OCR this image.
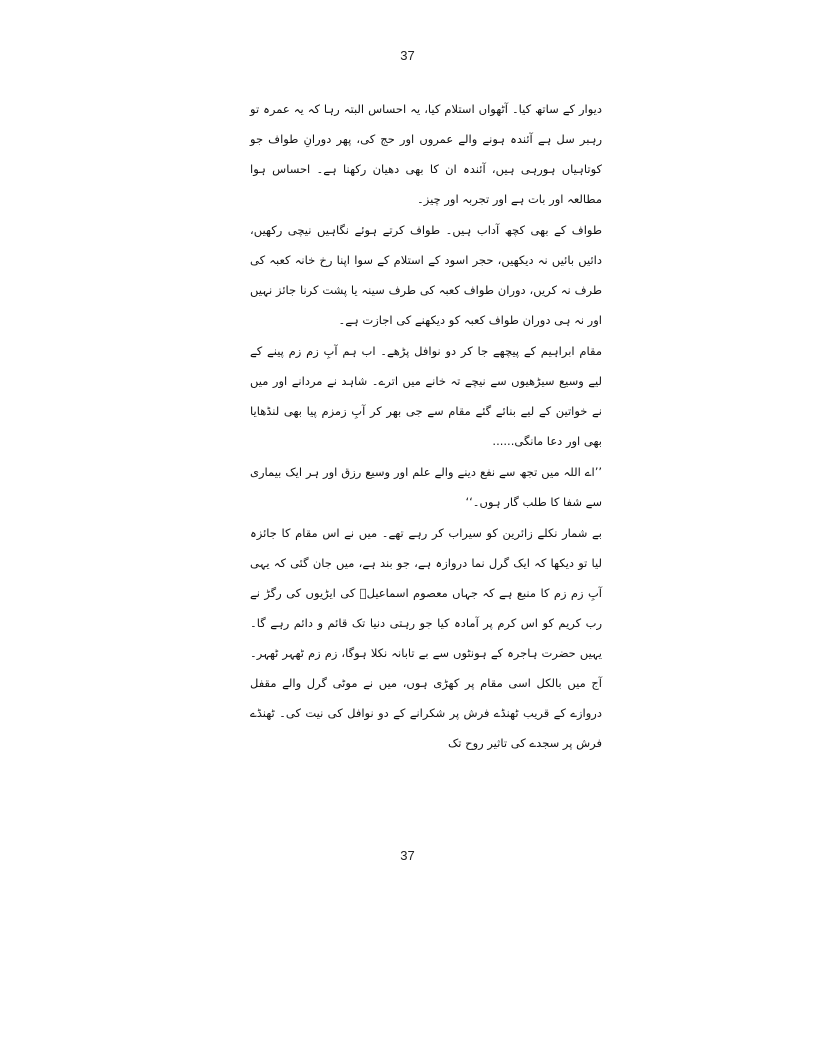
37

دیوار کے ساتھ کیا۔ آٹھواں استلام کیا، یہ احساس البتہ رہا کہ یہ عمرہ تو رہبر سل ہے آئندہ ہونے والے عمروں اور حج کی، پھر دورانِ طواف جو کوتاہیاں ہورہی ہیں، آئندہ ان کا بھی دھیان رکھنا ہے۔ احساس ہوا مطالعہ اور بات ہے اور تجربہ اور چیز۔

طواف کے بھی کچھ آداب ہیں۔ طواف کرتے ہوئے نگاہیں نیچی رکھیں، دائیں بائیں نہ دیکھیں، حجر اسود کے استلام کے سوا اپنا رخ خانہ کعبہ کی طرف نہ کریں، دوران طواف کعبہ کی طرف سینہ یا پشت کرنا جائز نہیں اور نہ ہی دوران طواف کعبہ کو دیکھنے کی اجازت ہے۔

مقام ابراہیم کے پیچھے جا کر دو نوافل پڑھے۔ اب ہم آبِ زم زم پینے کے لیے وسیع سیڑھیوں سے نیچے تہ خانے میں اترے۔ شاہد نے مردانے اور میں نے خواتین کے لیے بنائے گئے مقام سے جی بھر کر آبِ زمزم پیا بھی لنڈھایا بھی اور دعا مانگی......

’’اے اللہ میں تجھ سے نفع دینے والے علم اور وسیع رزق اور ہر ایک بیماری سے شفا کا طلب گار ہوں۔‘‘

بے شمار نکلے زائرین کو سیراب کر رہے تھے۔ میں نے اس مقام کا جائزہ لیا تو دیکھا کہ ایک گرل نما دروازہ ہے، جو بند ہے، میں جان گئی کہ یہی آبِ زم زم کا منبع ہے کہ جہاں معصوم اسماعیلؑ کی ایڑیوں کی رگڑ نے رب کریم کو اس کرم پر آمادہ کیا جو رہتی دنیا تک قائم و دائم رہے گا۔ یہیں حضرت ہاجرہ کے ہونٹوں سے بے تابانہ نکلا ہوگا، زم زم ٹھہر ٹھہر۔ آج میں بالکل اسی مقام پر کھڑی ہوں، میں نے موٹی گرل والے مقفل دروازے کے قریب ٹھنڈے فرش پر شکرانے کے دو نوافل کی نیت کی۔ ٹھنڈے فرش پر سجدے کی تاثیر روح تک

37
